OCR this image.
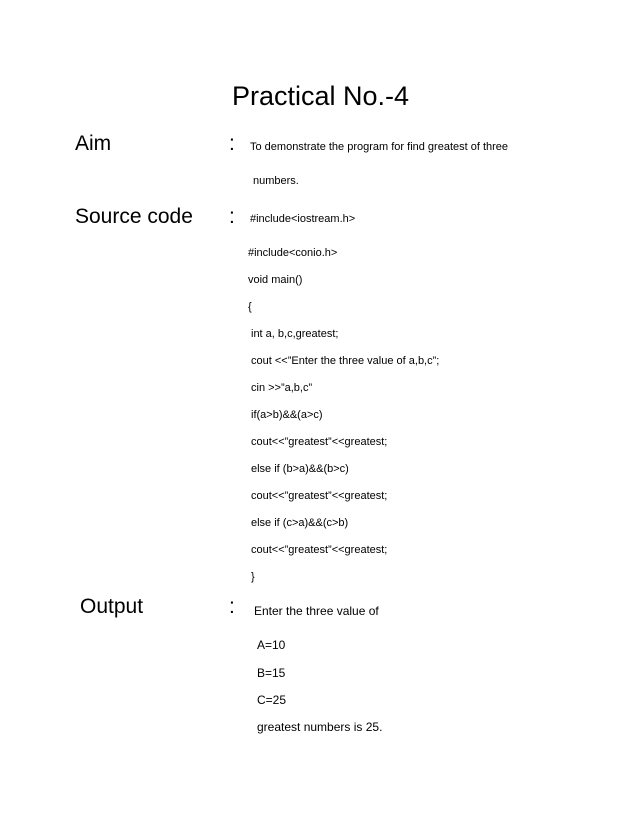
Practical No.-4
Aim	: To demonstrate the program for find greatest of three
numbers.
Source code : #include<iostream.h>
#include<conio.h>
void main()
{
int a, b,c,greatest;
cout <<”Enter the three value of a,b,c”;
cin >>”a,b,c”
if(a>b)&&(a>c)
cout<<”greatest”<<greatest;
else if (b>a)&&(b>c)
cout<<”greatest”<<greatest;
else if (c>a)&&(c>b)
cout<<”greatest”<<greatest;
}
Output	: Enter the three value of
A=10
B=15
C=25
greatest numbers is 25.
